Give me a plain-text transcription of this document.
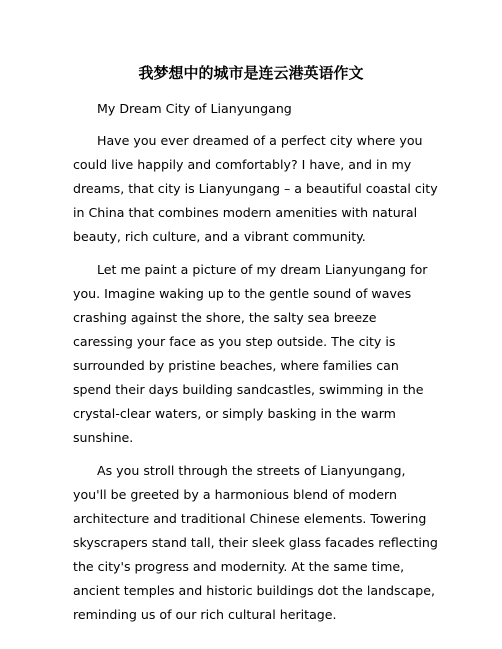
我梦想中的城市是连云港英语作文

My Dream City of Lianyungang

Have you ever dreamed of a perfect city where you could live happily and comfortably? I have, and in my dreams, that city is Lianyungang – a beautiful coastal city in China that combines modern amenities with natural beauty, rich culture, and a vibrant community.

Let me paint a picture of my dream Lianyungang for you. Imagine waking up to the gentle sound of waves crashing against the shore, the salty sea breeze caressing your face as you step outside. The city is surrounded by pristine beaches, where families can spend their days building sandcastles, swimming in the crystal-clear waters, or simply basking in the warm sunshine.

As you stroll through the streets of Lianyungang, you'll be greeted by a harmonious blend of modern architecture and traditional Chinese elements. Towering skyscrapers stand tall, their sleek glass facades reflecting the city's progress and modernity. At the same time, ancient temples and historic buildings dot the landscape, reminding us of our rich cultural heritage.
